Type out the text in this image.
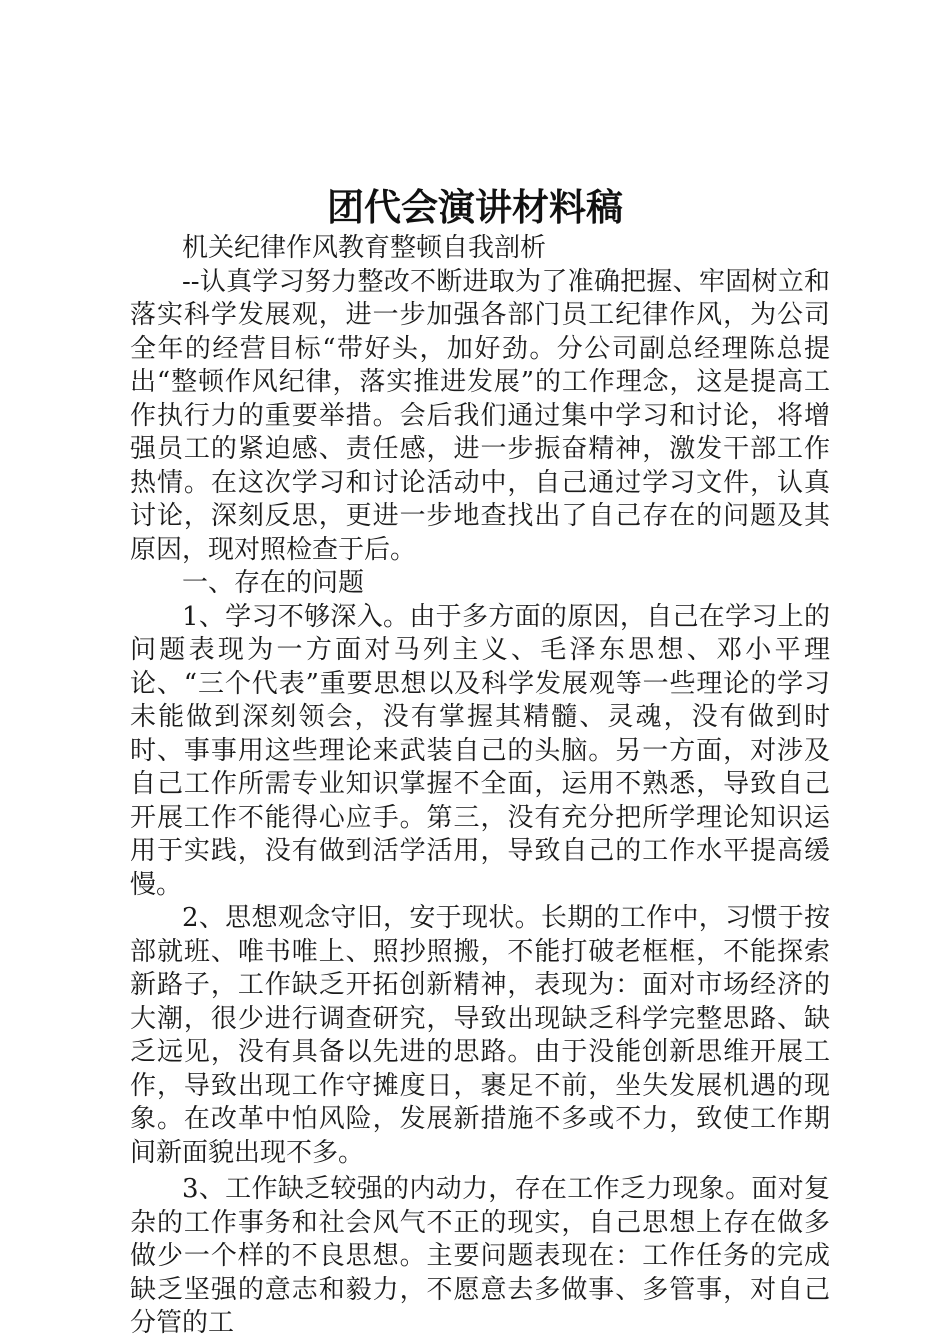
团代会演讲材料稿

机关纪律作风教育整顿自我剖析

--认真学习努力整改不断进取为了准确把握、牢固树立和落实科学发展观，进一步加强各部门员工纪律作风，为公司全年的经营目标“带好头，加好劲。分公司副总经理陈总提出“整顿作风纪律，落实推进发展”的工作理念，这是提高工作执行力的重要举措。会后我们通过集中学习和讨论，将增强员工的紧迫感、责任感，进一步振奋精神，激发干部工作热情。在这次学习和讨论活动中，自己通过学习文件，认真讨论，深刻反思，更进一步地查找出了自己存在的问题及其原因，现对照检查于后。

一、存在的问题

1、学习不够深入。由于多方面的原因，自己在学习上的问题表现为一方面对马列主义、毛泽东思想、邓小平理论、“三个代表”重要思想以及科学发展观等一些理论的学习未能做到深刻领会，没有掌握其精髓、灵魂，没有做到时时、事事用这些理论来武装自己的头脑。另一方面，对涉及自己工作所需专业知识掌握不全面，运用不熟悉，导致自己开展工作不能得心应手。第三，没有充分把所学理论知识运用于实践，没有做到活学活用，导致自己的工作水平提高缓慢。

2、思想观念守旧，安于现状。长期的工作中，习惯于按部就班、唯书唯上、照抄照搬，不能打破老框框，不能探索新路子，工作缺乏开拓创新精神，表现为：面对市场经济的大潮，很少进行调查研究，导致出现缺乏科学完整思路、缺乏远见，没有具备以先进的思路。由于没能创新思维开展工作，导致出现工作守摊度日，裹足不前，坐失发展机遇的现象。在改革中怕风险，发展新措施不多或不力，致使工作期间新面貌出现不多。

3、工作缺乏较强的内动力，存在工作乏力现象。面对复杂的工作事务和社会风气不正的现实，自己思想上存在做多做少一个样的不良思想。主要问题表现在：工作任务的完成缺乏坚强的意志和毅力，不愿意去多做事、多管事，对自己分管的工
